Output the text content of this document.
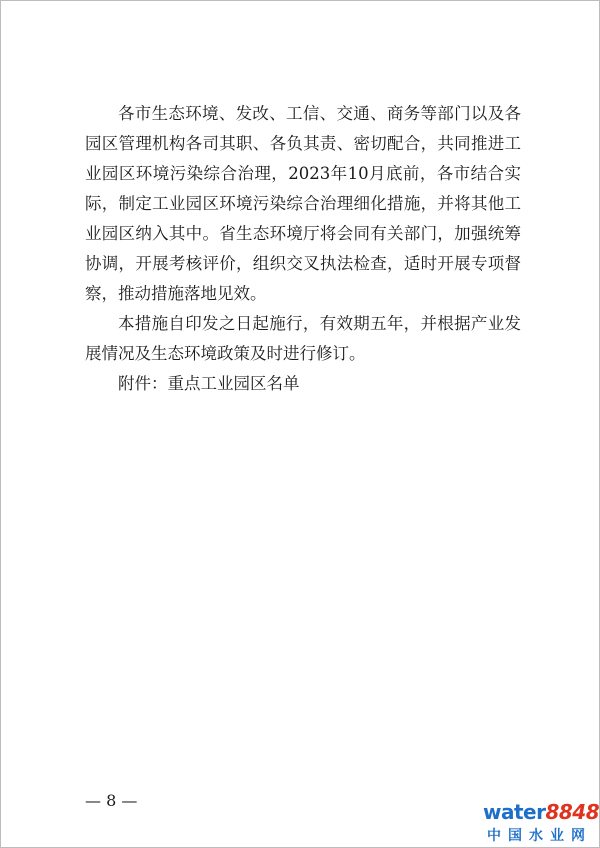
各市生态环境、发改、工信、交通、商务等部门以及各园区管理机构各司其职、各负其责、密切配合，共同推进工业园区环境污染综合治理，2023年10月底前，各市结合实际，制定工业园区环境污染综合治理细化措施，并将其他工业园区纳入其中。省生态环境厅将会同有关部门，加强统筹协调，开展考核评价，组织交叉执法检查，适时开展专项督察，推动措施落地见效。

本措施自印发之日起施行，有效期五年，并根据产业发展情况及生态环境政策及时进行修订。

附件：重点工业园区名单

— 8 —	water8848
中国水业网
